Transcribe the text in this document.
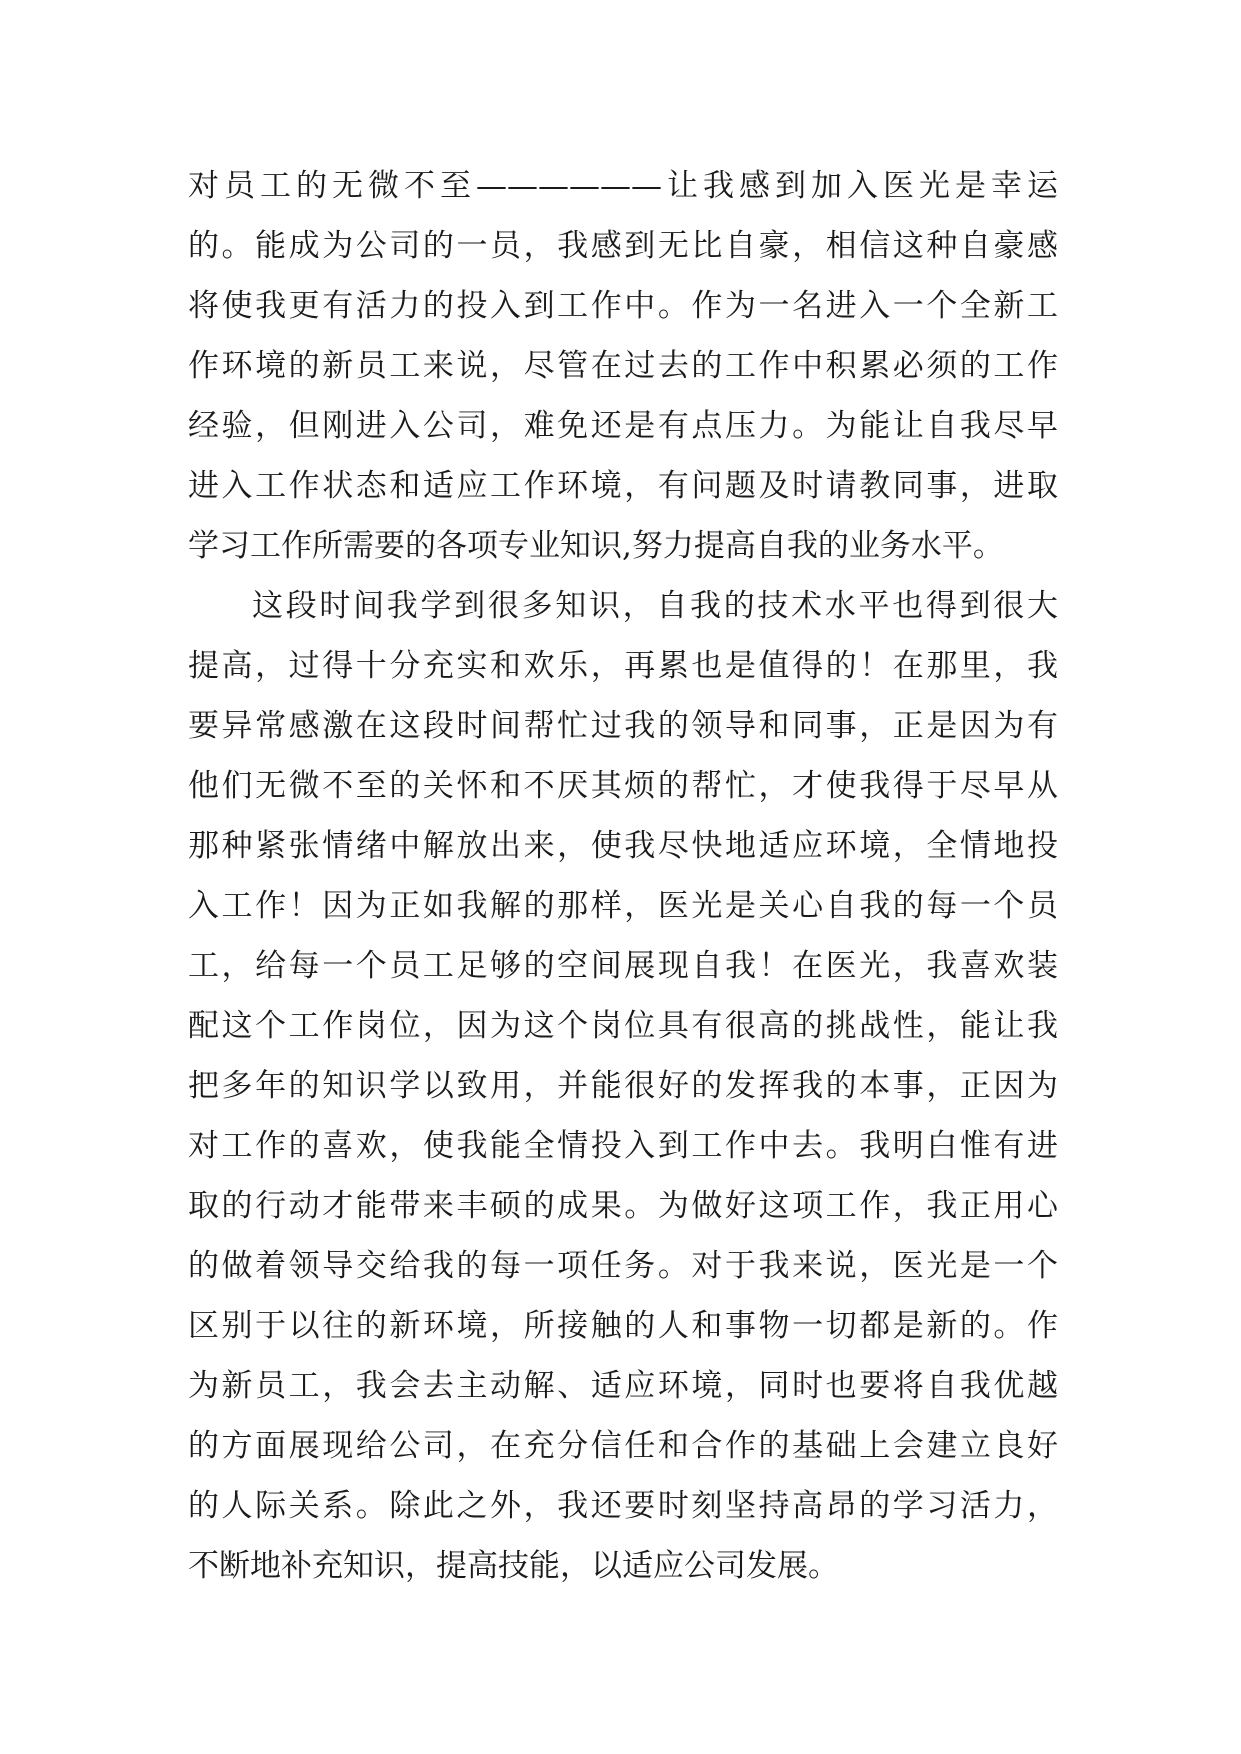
对员工的无微不至——————让我感到加入医光是幸运
的。能成为公司的一员，我感到无比自豪，相信这种自豪感
将使我更有活力的投入到工作中。作为一名进入一个全新工
作环境的新员工来说，尽管在过去的工作中积累必须的工作
经验，但刚进入公司，难免还是有点压力。为能让自我尽早
进入工作状态和适应工作环境，有问题及时请教同事，进取
学习工作所需要的各项专业知识,努力提高自我的业务水平。
这段时间我学到很多知识，自我的技术水平也得到很大
提高，过得十分充实和欢乐，再累也是值得的！在那里，我
要异常感激在这段时间帮忙过我的领导和同事，正是因为有
他们无微不至的关怀和不厌其烦的帮忙，才使我得于尽早从
那种紧张情绪中解放出来，使我尽快地适应环境，全情地投
入工作！因为正如我解的那样，医光是关心自我的每一个员
工，给每一个员工足够的空间展现自我！在医光，我喜欢装
配这个工作岗位，因为这个岗位具有很高的挑战性，能让我
把多年的知识学以致用，并能很好的发挥我的本事，正因为
对工作的喜欢，使我能全情投入到工作中去。我明白惟有进
取的行动才能带来丰硕的成果。为做好这项工作，我正用心
的做着领导交给我的每一项任务。对于我来说，医光是一个
区别于以往的新环境，所接触的人和事物一切都是新的。作
为新员工，我会去主动解、适应环境，同时也要将自我优越
的方面展现给公司，在充分信任和合作的基础上会建立良好
的人际关系。除此之外，我还要时刻坚持高昂的学习活力，
不断地补充知识，提高技能，以适应公司发展。
